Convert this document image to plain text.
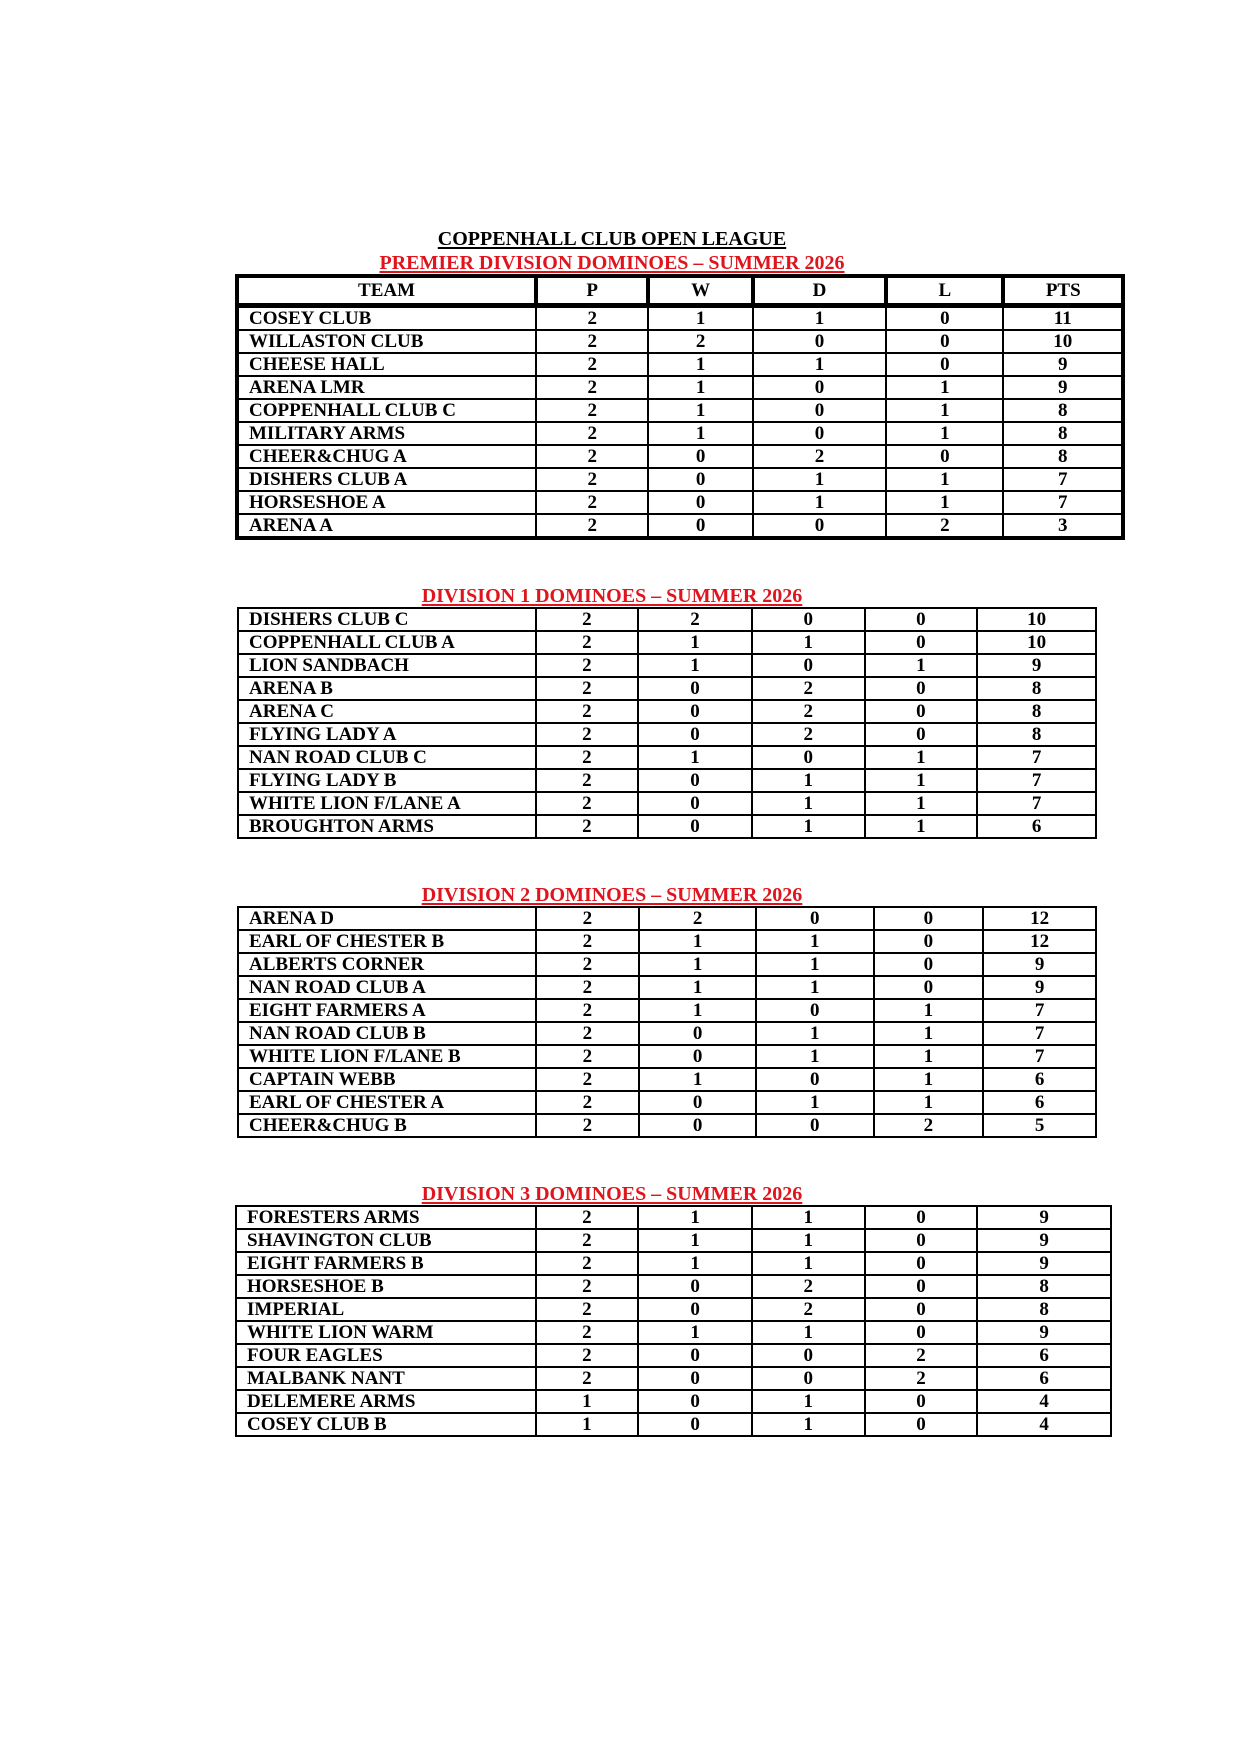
COPPENHALL CLUB OPEN LEAGUE
PREMIER DIVISION DOMINOES – SUMMER 2026
TEAM	P	W	D	L	PTS
COSEY CLUB	2	1	1	0	11
WILLASTON CLUB	2	2	0	0	10
CHEESE HALL	2	1	1	0	9
ARENA LMR	2	1	0	1	9
COPPENHALL CLUB C	2	1	0	1	8
MILITARY ARMS	2	1	0	1	8
CHEER&CHUG A	2	0	2	0	8
DISHERS CLUB A	2	0	1	1	7
HORSESHOE A	2	0	1	1	7
ARENA A	2	0	0	2	3
DIVISION 1 DOMINOES – SUMMER 2026
DISHERS CLUB C	2	2	0	0	10
COPPENHALL CLUB A	2	1	1	0	10
LION SANDBACH	2	1	0	1	9
ARENA B	2	0	2	0	8
ARENA C	2	0	2	0	8
FLYING LADY A	2	0	2	0	8
NAN ROAD CLUB C	2	1	0	1	7
FLYING LADY B	2	0	1	1	7
WHITE LION F/LANE A	2	0	1	1	7
BROUGHTON ARMS	2	0	1	1	6
DIVISION 2 DOMINOES – SUMMER 2026
ARENA D	2	2	0	0	12
EARL OF CHESTER B	2	1	1	0	12
ALBERTS CORNER	2	1	1	0	9
NAN ROAD CLUB A	2	1	1	0	9
EIGHT FARMERS A	2	1	0	1	7
NAN ROAD CLUB B	2	0	1	1	7
WHITE LION F/LANE B	2	0	1	1	7
CAPTAIN WEBB	2	1	0	1	6
EARL OF CHESTER A	2	0	1	1	6
CHEER&CHUG B	2	0	0	2	5
DIVISION 3 DOMINOES – SUMMER 2026
FORESTERS ARMS	2	1	1	0	9
SHAVINGTON CLUB	2	1	1	0	9
EIGHT FARMERS B	2	1	1	0	9
HORSESHOE B	2	0	2	0	8
IMPERIAL	2	0	2	0	8
WHITE LION WARM	2	1	1	0	9
FOUR EAGLES	2	0	0	2	6
MALBANK NANT	2	0	0	2	6
DELEMERE ARMS	1	0	1	0	4
COSEY CLUB B	1	0	1	0	4
